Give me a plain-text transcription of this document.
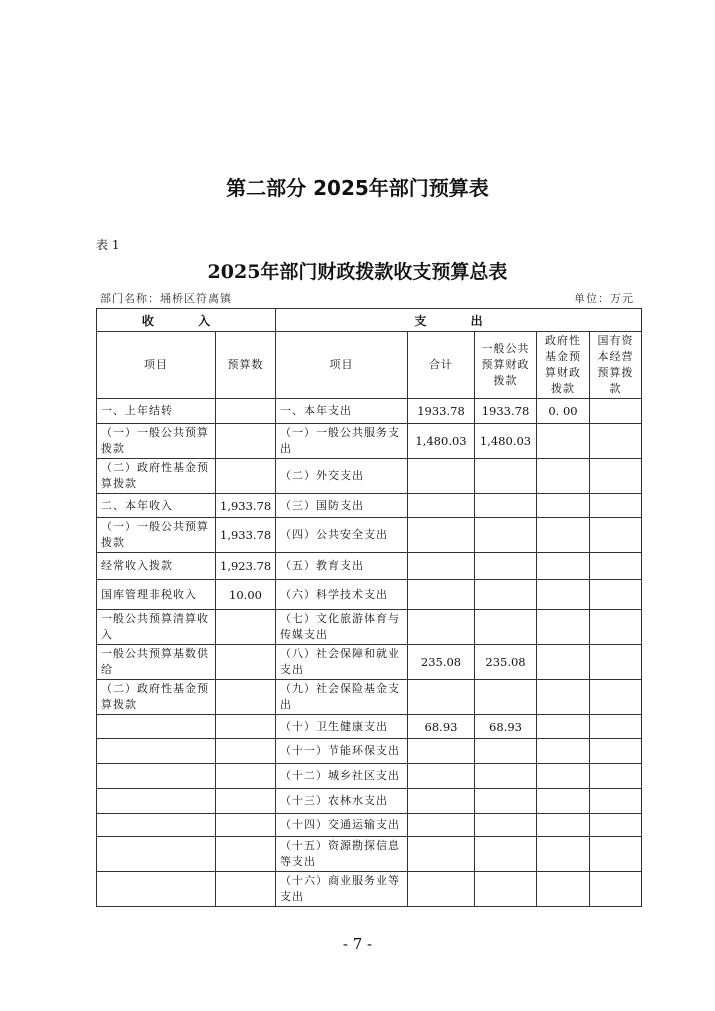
第二部分 2025年部门预算表
表 1
2025年部门财政拨款收支预算总表
部门名称：埇桥区符离镇	单位：万元
收 入		支 出				
项目	预算数	项目	合计	一般公共预算财政拨款	政府性基金预算财政拨款	国有资本经营预算拨款
一、上年结转		一、本年支出	1933.78	1933.78	0. 00	
（一）一般公共预算拨款		（一）一般公共服务支出	1,480.03	1,480.03		
（二）政府性基金预算拨款		（二）外交支出				
二、本年收入	1,933.78	（三）国防支出				
（一）一般公共预算拨款	1,933.78	（四）公共安全支出				
经常收入拨款	1,923.78	（五）教育支出				
国库管理非税收入	10.00	（六）科学技术支出				
一般公共预算清算收入		（七）文化旅游体育与传媒支出				
一般公共预算基数供给		（八）社会保障和就业支出	235.08	235.08		
（二）政府性基金预算拨款		（九）社会保险基金支出				
		（十）卫生健康支出	68.93	68.93		
		（十一）节能环保支出				
		（十二）城乡社区支出				
		（十三）农林水支出				
		（十四）交通运输支出				
		（十五）资源勘探信息等支出				
		（十六）商业服务业等支出				
- 7 -
